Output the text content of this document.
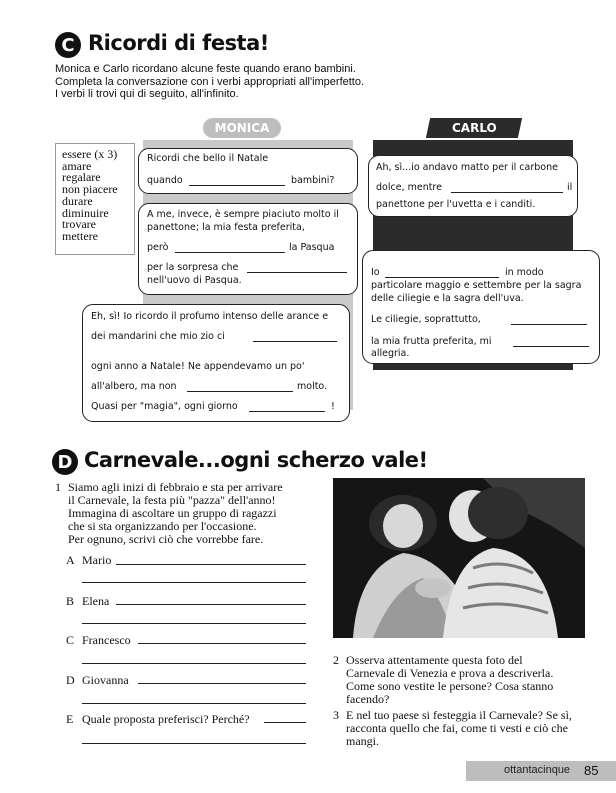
C Ricordi di festa!
Monica e Carlo ricordano alcune feste quando erano bambini.
Completa la conversazione con i verbi appropriati all'imperfetto.
I verbi li trovi qui di seguito, all'infinito.
essere (x 3)
amare
regalare
non piacere
durare
diminuire
trovare
mettere
MONICA	CARLO
Ricordi che bello il Natale
quando	bambini?
Ah, sì...io andavo matto per il carbone
dolce, mentre	il
panettone per l'uvetta e i canditi.
A me, invece, è sempre piaciuto molto il
panettone; la mia festa preferita,
però	la Pasqua
per la sorpresa che
nell'uovo di Pasqua.
Io	in modo
particolare maggio e settembre per la sagra
delle ciliegie e la sagra dell'uva.
Le ciliegie, soprattutto,
la mia frutta preferita, mi
allegria.
Eh, sì! Io ricordo il profumo intenso delle arance e
dei mandarini che mio zio ci
ogni anno a Natale! Ne appendevamo un po'
all'albero, ma non	molto.
Quasi per "magia", ogni giorno	!
D Carnevale...ogni scherzo vale!
1 Siamo agli inizi di febbraio e sta per arrivare
il Carnevale, la festa più "pazza" dell'anno!
Immagina di ascoltare un gruppo di ragazzi
che si sta organizzando per l'occasione.
Per ognuno, scrivi ciò che vorrebbe fare.
A Mario
B Elena
C Francesco
D Giovanna
E Quale proposta preferisci? Perché?
2 Osserva attentamente questa foto del
Carnevale di Venezia e prova a descriverla.
Come sono vestite le persone? Cosa stanno
facendo?
3 E nel tuo paese si festeggia il Carnevale? Se sì,
racconta quello che fai, come ti vesti e ciò che
mangi.
ottantacinque 85
